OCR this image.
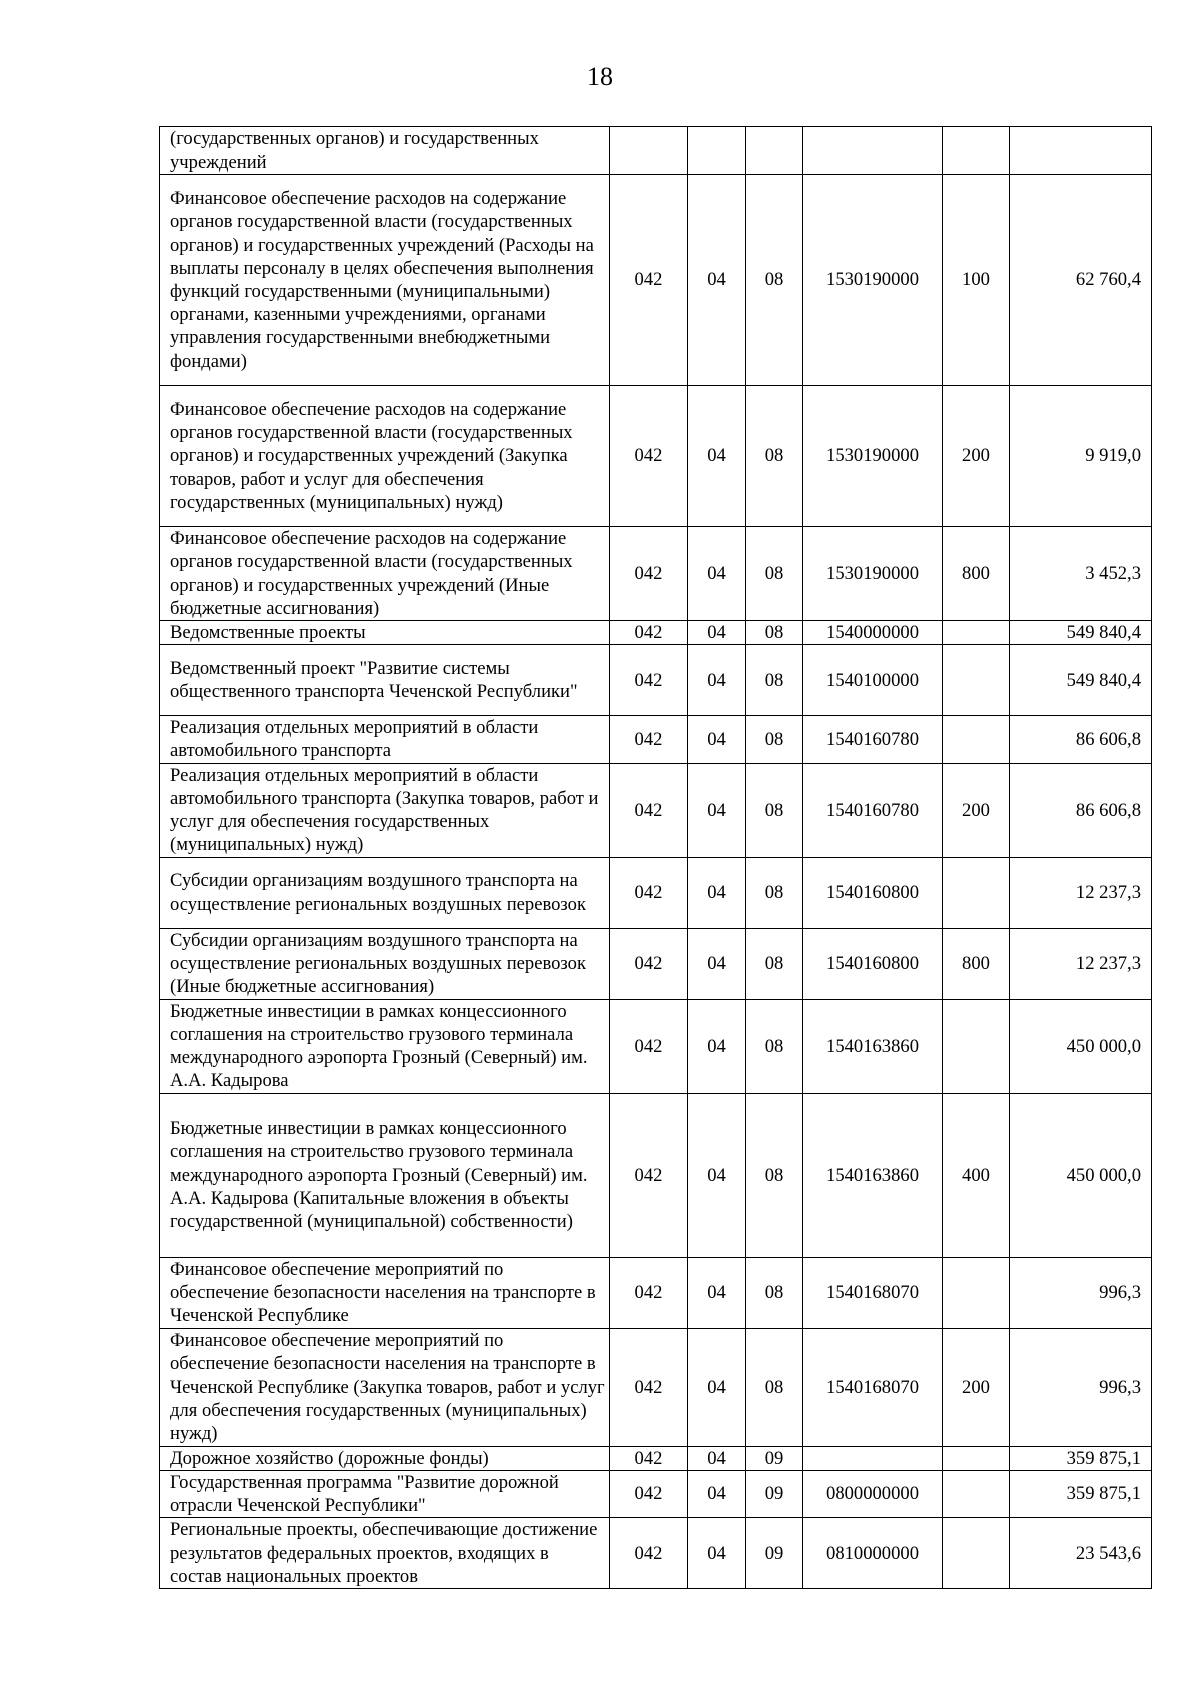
18
(государственных органов) и государственных учреждений						
Финансовое обеспечение расходов на содержание органов государственной власти (государственных органов) и государственных учреждений (Расходы на выплаты персоналу в целях обеспечения выполнения функций государственными (муниципальными) органами, казенными учреждениями, органами управления государственными внебюджетными фондами)	042	04	08	1530190000	100	62 760,4
Финансовое обеспечение расходов на содержание органов государственной власти (государственных органов) и государственных учреждений (Закупка товаров, работ и услуг для обеспечения государственных (муниципальных) нужд)	042	04	08	1530190000	200	9 919,0
Финансовое обеспечение расходов на содержание органов государственной власти (государственных органов) и государственных учреждений (Иные бюджетные ассигнования)	042	04	08	1530190000	800	3 452,3
Ведомственные проекты	042	04	08	1540000000		549 840,4
Ведомственный проект "Развитие системы общественного транспорта Чеченской Республики"	042	04	08	1540100000		549 840,4
Реализация отдельных мероприятий в области автомобильного транспорта	042	04	08	1540160780		86 606,8
Реализация отдельных мероприятий в области автомобильного транспорта (Закупка товаров, работ и услуг для обеспечения государственных (муниципальных) нужд)	042	04	08	1540160780	200	86 606,8
Субсидии организациям воздушного транспорта на осуществление региональных воздушных перевозок	042	04	08	1540160800		12 237,3
Субсидии организациям воздушного транспорта на осуществление региональных воздушных перевозок (Иные бюджетные ассигнования)	042	04	08	1540160800	800	12 237,3
Бюджетные инвестиции в рамках концессионного соглашения на строительство грузового терминала международного аэропорта Грозный (Северный) им. А.А. Кадырова	042	04	08	1540163860		450 000,0
Бюджетные инвестиции в рамках концессионного соглашения на строительство грузового терминала международного аэропорта Грозный (Северный) им. А.А. Кадырова (Капитальные вложения в объекты государственной (муниципальной) собственности)	042	04	08	1540163860	400	450 000,0
Финансовое обеспечение мероприятий по обеспечение безопасности населения на транспорте в Чеченской Республике	042	04	08	1540168070		996,3
Финансовое обеспечение мероприятий по обеспечение безопасности населения на транспорте в Чеченской Республике (Закупка товаров, работ и услуг для обеспечения государственных (муниципальных) нужд)	042	04	08	1540168070	200	996,3
Дорожное хозяйство (дорожные фонды)	042	04	09			359 875,1
Государственная программа "Развитие дорожной отрасли Чеченской Республики"	042	04	09	0800000000		359 875,1
Региональные проекты, обеспечивающие достижение результатов федеральных проектов, входящих в состав национальных проектов	042	04	09	0810000000		23 543,6
